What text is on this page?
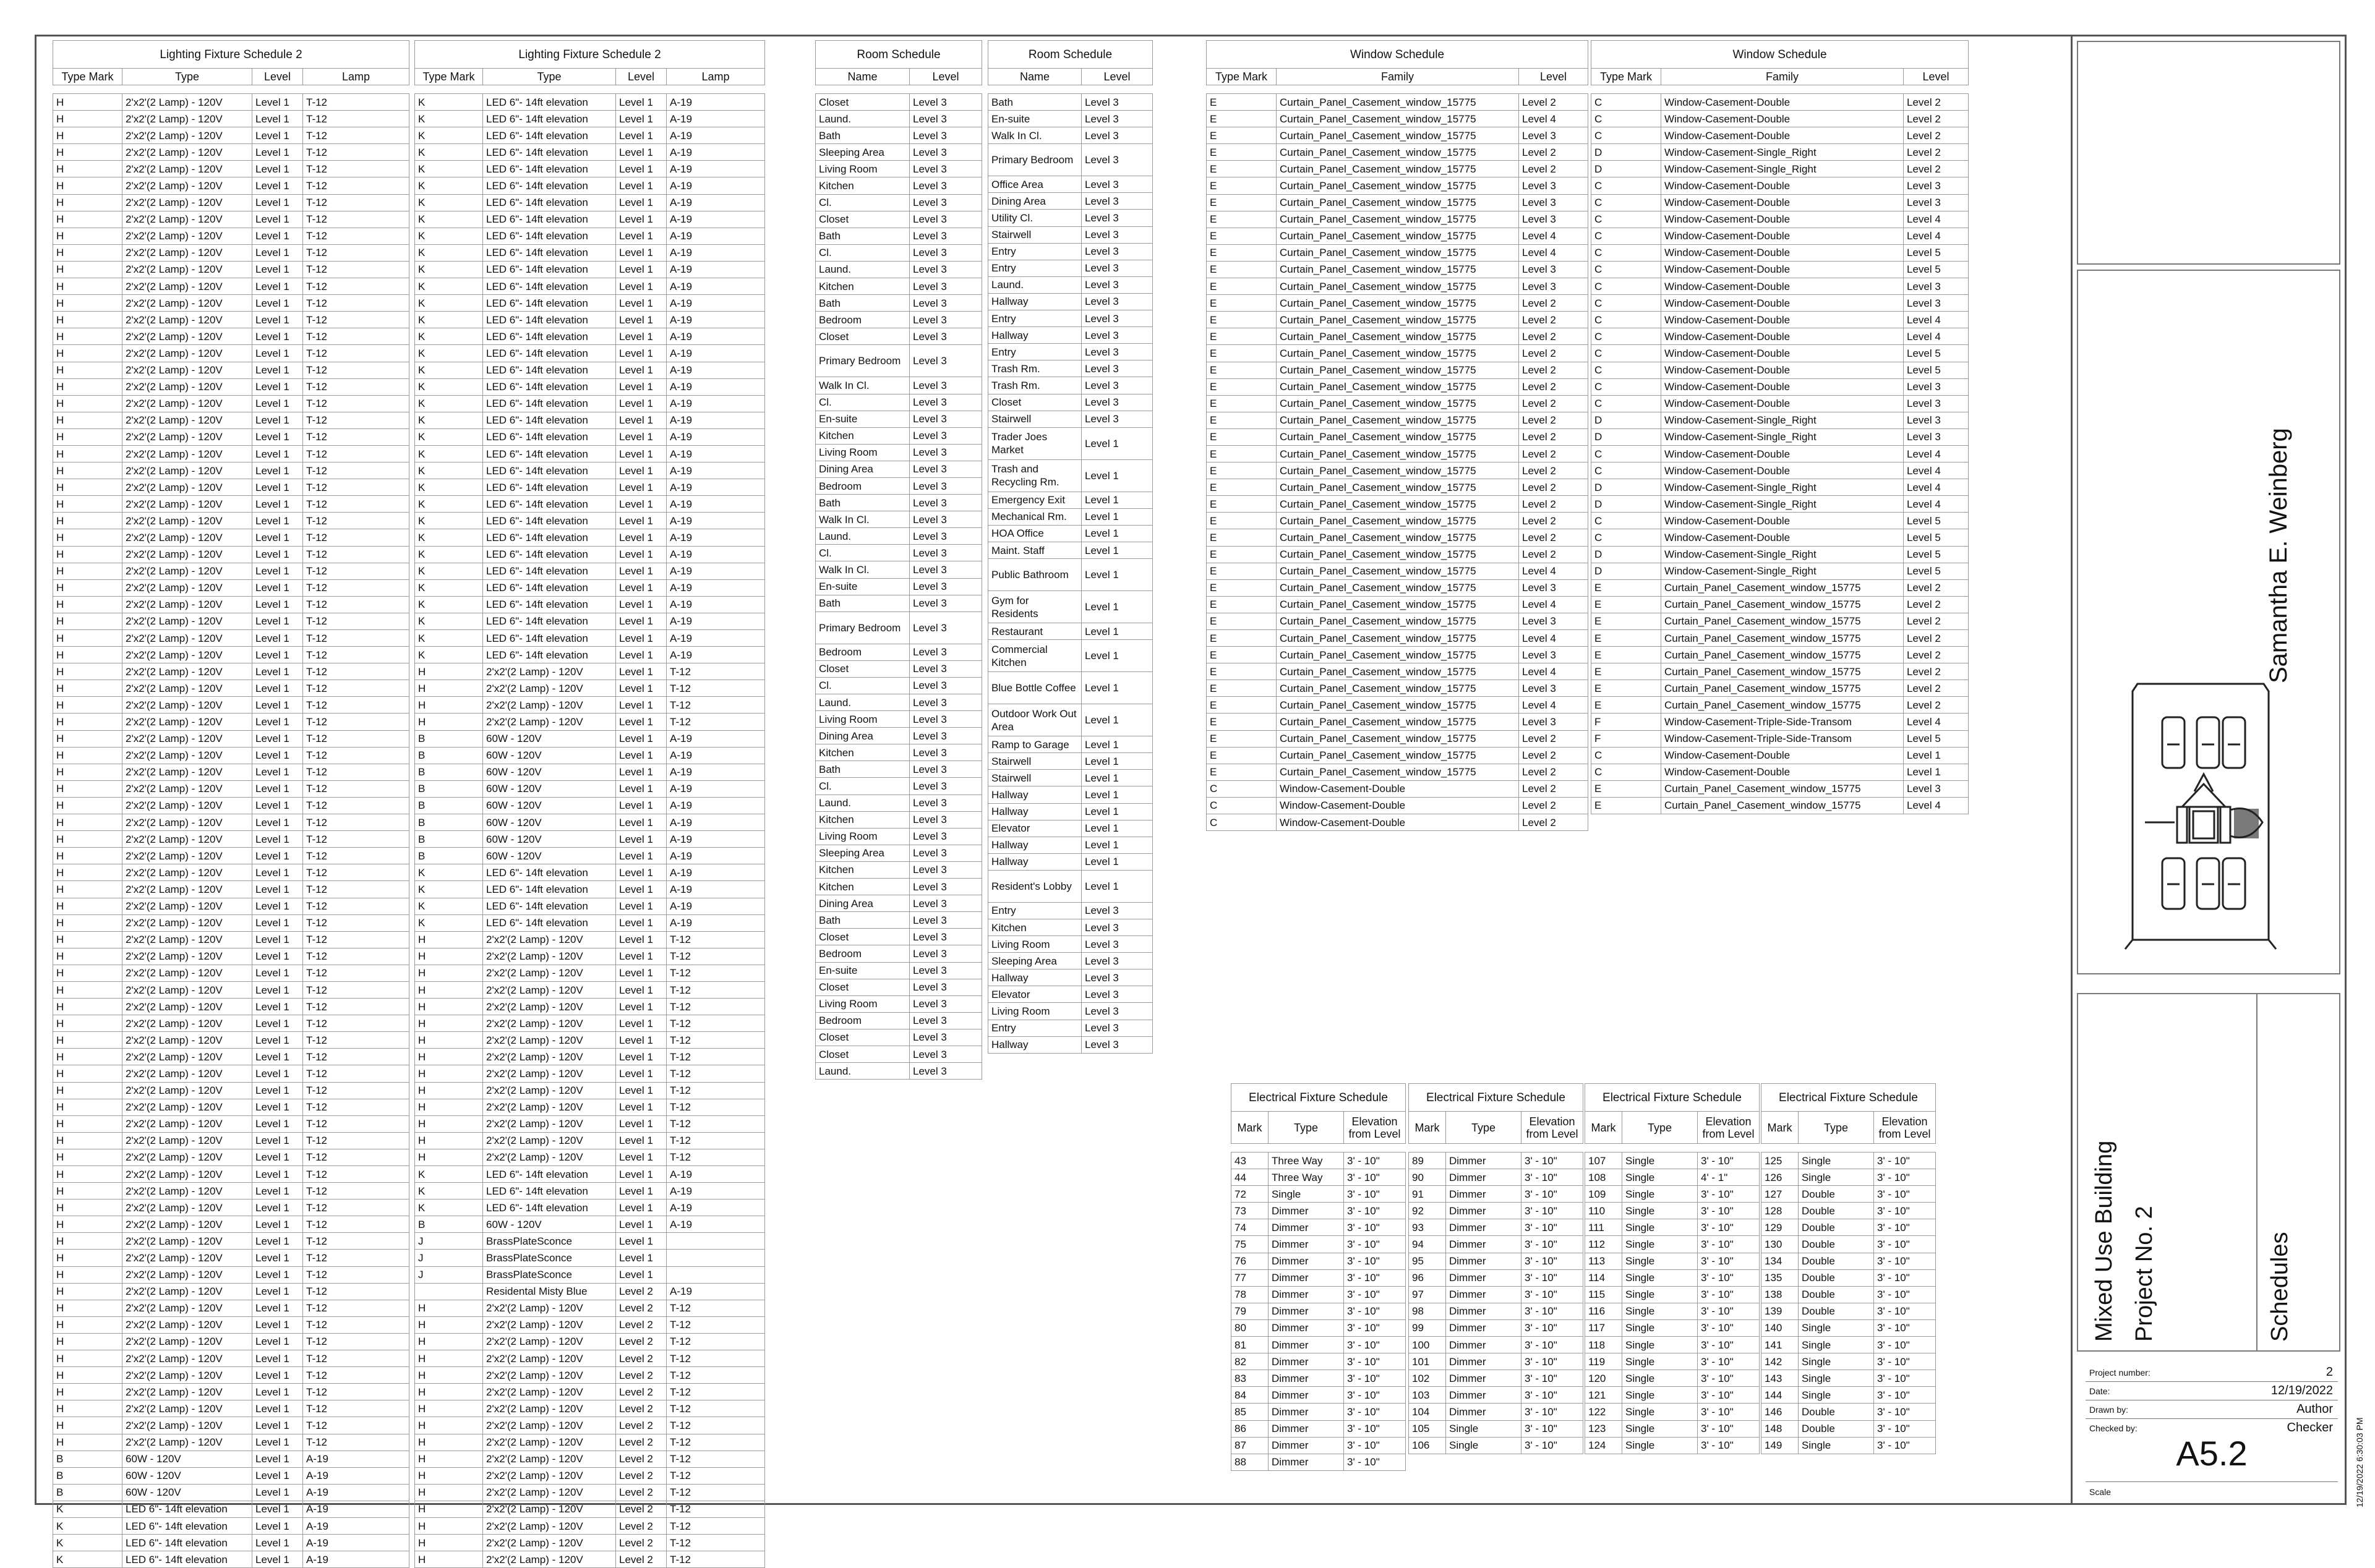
Lighting Fixture Schedule 2			
Type Mark	Type	Level	Lamp

H	2'x2'(2 Lamp) - 120V	Level 1	T-12
H	2'x2'(2 Lamp) - 120V	Level 1	T-12
H	2'x2'(2 Lamp) - 120V	Level 1	T-12
H	2'x2'(2 Lamp) - 120V	Level 1	T-12
H	2'x2'(2 Lamp) - 120V	Level 1	T-12
H	2'x2'(2 Lamp) - 120V	Level 1	T-12
H	2'x2'(2 Lamp) - 120V	Level 1	T-12
H	2'x2'(2 Lamp) - 120V	Level 1	T-12
H	2'x2'(2 Lamp) - 120V	Level 1	T-12
H	2'x2'(2 Lamp) - 120V	Level 1	T-12
H	2'x2'(2 Lamp) - 120V	Level 1	T-12
H	2'x2'(2 Lamp) - 120V	Level 1	T-12
H	2'x2'(2 Lamp) - 120V	Level 1	T-12
H	2'x2'(2 Lamp) - 120V	Level 1	T-12
H	2'x2'(2 Lamp) - 120V	Level 1	T-12
H	2'x2'(2 Lamp) - 120V	Level 1	T-12
H	2'x2'(2 Lamp) - 120V	Level 1	T-12
H	2'x2'(2 Lamp) - 120V	Level 1	T-12
H	2'x2'(2 Lamp) - 120V	Level 1	T-12
H	2'x2'(2 Lamp) - 120V	Level 1	T-12
H	2'x2'(2 Lamp) - 120V	Level 1	T-12
H	2'x2'(2 Lamp) - 120V	Level 1	T-12
H	2'x2'(2 Lamp) - 120V	Level 1	T-12
H	2'x2'(2 Lamp) - 120V	Level 1	T-12
H	2'x2'(2 Lamp) - 120V	Level 1	T-12
H	2'x2'(2 Lamp) - 120V	Level 1	T-12
H	2'x2'(2 Lamp) - 120V	Level 1	T-12
H	2'x2'(2 Lamp) - 120V	Level 1	T-12
H	2'x2'(2 Lamp) - 120V	Level 1	T-12
H	2'x2'(2 Lamp) - 120V	Level 1	T-12
H	2'x2'(2 Lamp) - 120V	Level 1	T-12
H	2'x2'(2 Lamp) - 120V	Level 1	T-12
H	2'x2'(2 Lamp) - 120V	Level 1	T-12
H	2'x2'(2 Lamp) - 120V	Level 1	T-12
H	2'x2'(2 Lamp) - 120V	Level 1	T-12
H	2'x2'(2 Lamp) - 120V	Level 1	T-12
H	2'x2'(2 Lamp) - 120V	Level 1	T-12
H	2'x2'(2 Lamp) - 120V	Level 1	T-12
H	2'x2'(2 Lamp) - 120V	Level 1	T-12
H	2'x2'(2 Lamp) - 120V	Level 1	T-12
H	2'x2'(2 Lamp) - 120V	Level 1	T-12
H	2'x2'(2 Lamp) - 120V	Level 1	T-12
H	2'x2'(2 Lamp) - 120V	Level 1	T-12
H	2'x2'(2 Lamp) - 120V	Level 1	T-12
H	2'x2'(2 Lamp) - 120V	Level 1	T-12
H	2'x2'(2 Lamp) - 120V	Level 1	T-12
H	2'x2'(2 Lamp) - 120V	Level 1	T-12
H	2'x2'(2 Lamp) - 120V	Level 1	T-12
H	2'x2'(2 Lamp) - 120V	Level 1	T-12
H	2'x2'(2 Lamp) - 120V	Level 1	T-12
H	2'x2'(2 Lamp) - 120V	Level 1	T-12
H	2'x2'(2 Lamp) - 120V	Level 1	T-12
H	2'x2'(2 Lamp) - 120V	Level 1	T-12
H	2'x2'(2 Lamp) - 120V	Level 1	T-12
H	2'x2'(2 Lamp) - 120V	Level 1	T-12
H	2'x2'(2 Lamp) - 120V	Level 1	T-12
H	2'x2'(2 Lamp) - 120V	Level 1	T-12
H	2'x2'(2 Lamp) - 120V	Level 1	T-12
H	2'x2'(2 Lamp) - 120V	Level 1	T-12
H	2'x2'(2 Lamp) - 120V	Level 1	T-12
H	2'x2'(2 Lamp) - 120V	Level 1	T-12
H	2'x2'(2 Lamp) - 120V	Level 1	T-12
H	2'x2'(2 Lamp) - 120V	Level 1	T-12
H	2'x2'(2 Lamp) - 120V	Level 1	T-12
H	2'x2'(2 Lamp) - 120V	Level 1	T-12
H	2'x2'(2 Lamp) - 120V	Level 1	T-12
H	2'x2'(2 Lamp) - 120V	Level 1	T-12
H	2'x2'(2 Lamp) - 120V	Level 1	T-12
H	2'x2'(2 Lamp) - 120V	Level 1	T-12
H	2'x2'(2 Lamp) - 120V	Level 1	T-12
H	2'x2'(2 Lamp) - 120V	Level 1	T-12
H	2'x2'(2 Lamp) - 120V	Level 1	T-12
H	2'x2'(2 Lamp) - 120V	Level 1	T-12
H	2'x2'(2 Lamp) - 120V	Level 1	T-12
H	2'x2'(2 Lamp) - 120V	Level 1	T-12
H	2'x2'(2 Lamp) - 120V	Level 1	T-12
H	2'x2'(2 Lamp) - 120V	Level 1	T-12
H	2'x2'(2 Lamp) - 120V	Level 1	T-12
H	2'x2'(2 Lamp) - 120V	Level 1	T-12
H	2'x2'(2 Lamp) - 120V	Level 1	T-12
H	2'x2'(2 Lamp) - 120V	Level 1	T-12
B	60W - 120V	Level 1	A-19
B	60W - 120V	Level 1	A-19
B	60W - 120V	Level 1	A-19
K	LED 6"- 14ft elevation	Level 1	A-19
K	LED 6"- 14ft elevation	Level 1	A-19
K	LED 6"- 14ft elevation	Level 1	A-19
K	LED 6"- 14ft elevation	Level 1	A-19
Lighting Fixture Schedule 2			
Type Mark	Type	Level	Lamp

K	LED 6"- 14ft elevation	Level 1	A-19
K	LED 6"- 14ft elevation	Level 1	A-19
K	LED 6"- 14ft elevation	Level 1	A-19
K	LED 6"- 14ft elevation	Level 1	A-19
K	LED 6"- 14ft elevation	Level 1	A-19
K	LED 6"- 14ft elevation	Level 1	A-19
K	LED 6"- 14ft elevation	Level 1	A-19
K	LED 6"- 14ft elevation	Level 1	A-19
K	LED 6"- 14ft elevation	Level 1	A-19
K	LED 6"- 14ft elevation	Level 1	A-19
K	LED 6"- 14ft elevation	Level 1	A-19
K	LED 6"- 14ft elevation	Level 1	A-19
K	LED 6"- 14ft elevation	Level 1	A-19
K	LED 6"- 14ft elevation	Level 1	A-19
K	LED 6"- 14ft elevation	Level 1	A-19
K	LED 6"- 14ft elevation	Level 1	A-19
K	LED 6"- 14ft elevation	Level 1	A-19
K	LED 6"- 14ft elevation	Level 1	A-19
K	LED 6"- 14ft elevation	Level 1	A-19
K	LED 6"- 14ft elevation	Level 1	A-19
K	LED 6"- 14ft elevation	Level 1	A-19
K	LED 6"- 14ft elevation	Level 1	A-19
K	LED 6"- 14ft elevation	Level 1	A-19
K	LED 6"- 14ft elevation	Level 1	A-19
K	LED 6"- 14ft elevation	Level 1	A-19
K	LED 6"- 14ft elevation	Level 1	A-19
K	LED 6"- 14ft elevation	Level 1	A-19
K	LED 6"- 14ft elevation	Level 1	A-19
K	LED 6"- 14ft elevation	Level 1	A-19
K	LED 6"- 14ft elevation	Level 1	A-19
K	LED 6"- 14ft elevation	Level 1	A-19
K	LED 6"- 14ft elevation	Level 1	A-19
K	LED 6"- 14ft elevation	Level 1	A-19
K	LED 6"- 14ft elevation	Level 1	A-19
H	2'x2'(2 Lamp) - 120V	Level 1	T-12
H	2'x2'(2 Lamp) - 120V	Level 1	T-12
H	2'x2'(2 Lamp) - 120V	Level 1	T-12
H	2'x2'(2 Lamp) - 120V	Level 1	T-12
B	60W - 120V	Level 1	A-19
B	60W - 120V	Level 1	A-19
B	60W - 120V	Level 1	A-19
B	60W - 120V	Level 1	A-19
B	60W - 120V	Level 1	A-19
B	60W - 120V	Level 1	A-19
B	60W - 120V	Level 1	A-19
B	60W - 120V	Level 1	A-19
K	LED 6"- 14ft elevation	Level 1	A-19
K	LED 6"- 14ft elevation	Level 1	A-19
K	LED 6"- 14ft elevation	Level 1	A-19
K	LED 6"- 14ft elevation	Level 1	A-19
H	2'x2'(2 Lamp) - 120V	Level 1	T-12
H	2'x2'(2 Lamp) - 120V	Level 1	T-12
H	2'x2'(2 Lamp) - 120V	Level 1	T-12
H	2'x2'(2 Lamp) - 120V	Level 1	T-12
H	2'x2'(2 Lamp) - 120V	Level 1	T-12
H	2'x2'(2 Lamp) - 120V	Level 1	T-12
H	2'x2'(2 Lamp) - 120V	Level 1	T-12
H	2'x2'(2 Lamp) - 120V	Level 1	T-12
H	2'x2'(2 Lamp) - 120V	Level 1	T-12
H	2'x2'(2 Lamp) - 120V	Level 1	T-12
H	2'x2'(2 Lamp) - 120V	Level 1	T-12
H	2'x2'(2 Lamp) - 120V	Level 1	T-12
H	2'x2'(2 Lamp) - 120V	Level 1	T-12
H	2'x2'(2 Lamp) - 120V	Level 1	T-12
K	LED 6"- 14ft elevation	Level 1	A-19
K	LED 6"- 14ft elevation	Level 1	A-19
K	LED 6"- 14ft elevation	Level 1	A-19
B	60W - 120V	Level 1	A-19
J	BrassPlateSconce	Level 1	
J	BrassPlateSconce	Level 1	
J	BrassPlateSconce	Level 1	
	Residental Misty Blue	Level 2	A-19
H	2'x2'(2 Lamp) - 120V	Level 2	T-12
H	2'x2'(2 Lamp) - 120V	Level 2	T-12
H	2'x2'(2 Lamp) - 120V	Level 2	T-12
H	2'x2'(2 Lamp) - 120V	Level 2	T-12
H	2'x2'(2 Lamp) - 120V	Level 2	T-12
H	2'x2'(2 Lamp) - 120V	Level 2	T-12
H	2'x2'(2 Lamp) - 120V	Level 2	T-12
H	2'x2'(2 Lamp) - 120V	Level 2	T-12
H	2'x2'(2 Lamp) - 120V	Level 2	T-12
H	2'x2'(2 Lamp) - 120V	Level 2	T-12
H	2'x2'(2 Lamp) - 120V	Level 2	T-12
H	2'x2'(2 Lamp) - 120V	Level 2	T-12
H	2'x2'(2 Lamp) - 120V	Level 2	T-12
H	2'x2'(2 Lamp) - 120V	Level 2	T-12
H	2'x2'(2 Lamp) - 120V	Level 2	T-12
H	2'x2'(2 Lamp) - 120V	Level 2	T-12
Room Schedule	
Name	Level

Closet	Level 3
Laund.	Level 3
Bath	Level 3
Sleeping Area	Level 3
Living Room	Level 3
Kitchen	Level 3
Cl.	Level 3
Closet	Level 3
Bath	Level 3
Cl.	Level 3
Laund.	Level 3
Kitchen	Level 3
Bath	Level 3
Bedroom	Level 3
Closet	Level 3
Primary Bedroom	Level 3
Walk In Cl.	Level 3
Cl.	Level 3
En-suite	Level 3
Kitchen	Level 3
Living Room	Level 3
Dining Area	Level 3
Bedroom	Level 3
Bath	Level 3
Walk In Cl.	Level 3
Laund.	Level 3
Cl.	Level 3
Walk In Cl.	Level 3
En-suite	Level 3
Bath	Level 3
Primary Bedroom	Level 3
Bedroom	Level 3
Closet	Level 3
Cl.	Level 3
Laund.	Level 3
Living Room	Level 3
Dining Area	Level 3
Kitchen	Level 3
Bath	Level 3
Cl.	Level 3
Laund.	Level 3
Kitchen	Level 3
Living Room	Level 3
Sleeping Area	Level 3
Kitchen	Level 3
Kitchen	Level 3
Dining Area	Level 3
Bath	Level 3
Closet	Level 3
Bedroom	Level 3
En-suite	Level 3
Closet	Level 3
Living Room	Level 3
Bedroom	Level 3
Closet	Level 3
Closet	Level 3
Laund.	Level 3
Room Schedule	
Name	Level

Bath	Level 3
En-suite	Level 3
Walk In Cl.	Level 3
Primary Bedroom	Level 3
Office Area	Level 3
Dining Area	Level 3
Utility Cl.	Level 3
Stairwell	Level 3
Entry	Level 3
Entry	Level 3
Laund.	Level 3
Hallway	Level 3
Entry	Level 3
Hallway	Level 3
Entry	Level 3
Trash Rm.	Level 3
Trash Rm.	Level 3
Closet	Level 3
Stairwell	Level 3
Trader Joes Market	Level 1
Trash and Recycling Rm.	Level 1
Emergency Exit	Level 1
Mechanical Rm.	Level 1
HOA Office	Level 1
Maint. Staff	Level 1
Public Bathroom	Level 1
Gym for Residents	Level 1
Restaurant	Level 1
Commercial Kitchen	Level 1
Blue Bottle Coffee	Level 1
Outdoor Work Out Area	Level 1
Ramp to Garage	Level 1
Stairwell	Level 1
Stairwell	Level 1
Hallway	Level 1
Hallway	Level 1
Elevator	Level 1
Hallway	Level 1
Hallway	Level 1
Resident's Lobby	Level 1
Entry	Level 3
Kitchen	Level 3
Living Room	Level 3
Sleeping Area	Level 3
Hallway	Level 3
Elevator	Level 3
Living Room	Level 3
Entry	Level 3
Hallway	Level 3
Window Schedule		
Type Mark	Family	Level

E	Curtain_Panel_Casement_window_15775	Level 2
E	Curtain_Panel_Casement_window_15775	Level 4
E	Curtain_Panel_Casement_window_15775	Level 3
E	Curtain_Panel_Casement_window_15775	Level 2
E	Curtain_Panel_Casement_window_15775	Level 2
E	Curtain_Panel_Casement_window_15775	Level 3
E	Curtain_Panel_Casement_window_15775	Level 3
E	Curtain_Panel_Casement_window_15775	Level 3
E	Curtain_Panel_Casement_window_15775	Level 4
E	Curtain_Panel_Casement_window_15775	Level 4
E	Curtain_Panel_Casement_window_15775	Level 3
E	Curtain_Panel_Casement_window_15775	Level 3
E	Curtain_Panel_Casement_window_15775	Level 2
E	Curtain_Panel_Casement_window_15775	Level 2
E	Curtain_Panel_Casement_window_15775	Level 2
E	Curtain_Panel_Casement_window_15775	Level 2
E	Curtain_Panel_Casement_window_15775	Level 2
E	Curtain_Panel_Casement_window_15775	Level 2
E	Curtain_Panel_Casement_window_15775	Level 2
E	Curtain_Panel_Casement_window_15775	Level 2
E	Curtain_Panel_Casement_window_15775	Level 2
E	Curtain_Panel_Casement_window_15775	Level 2
E	Curtain_Panel_Casement_window_15775	Level 2
E	Curtain_Panel_Casement_window_15775	Level 2
E	Curtain_Panel_Casement_window_15775	Level 2
E	Curtain_Panel_Casement_window_15775	Level 2
E	Curtain_Panel_Casement_window_15775	Level 2
E	Curtain_Panel_Casement_window_15775	Level 2
E	Curtain_Panel_Casement_window_15775	Level 4
E	Curtain_Panel_Casement_window_15775	Level 3
E	Curtain_Panel_Casement_window_15775	Level 4
E	Curtain_Panel_Casement_window_15775	Level 3
E	Curtain_Panel_Casement_window_15775	Level 4
E	Curtain_Panel_Casement_window_15775	Level 3
E	Curtain_Panel_Casement_window_15775	Level 4
E	Curtain_Panel_Casement_window_15775	Level 3
E	Curtain_Panel_Casement_window_15775	Level 4
E	Curtain_Panel_Casement_window_15775	Level 3
E	Curtain_Panel_Casement_window_15775	Level 2
E	Curtain_Panel_Casement_window_15775	Level 2
E	Curtain_Panel_Casement_window_15775	Level 2
C	Window-Casement-Double	Level 2
C	Window-Casement-Double	Level 2
C	Window-Casement-Double	Level 2
Window Schedule		
Type Mark	Family	Level

C	Window-Casement-Double	Level 2
C	Window-Casement-Double	Level 2
C	Window-Casement-Double	Level 2
D	Window-Casement-Single_Right	Level 2
D	Window-Casement-Single_Right	Level 2
C	Window-Casement-Double	Level 3
C	Window-Casement-Double	Level 3
C	Window-Casement-Double	Level 4
C	Window-Casement-Double	Level 4
C	Window-Casement-Double	Level 5
C	Window-Casement-Double	Level 5
C	Window-Casement-Double	Level 3
C	Window-Casement-Double	Level 3
C	Window-Casement-Double	Level 4
C	Window-Casement-Double	Level 4
C	Window-Casement-Double	Level 5
C	Window-Casement-Double	Level 5
C	Window-Casement-Double	Level 3
C	Window-Casement-Double	Level 3
D	Window-Casement-Single_Right	Level 3
D	Window-Casement-Single_Right	Level 3
C	Window-Casement-Double	Level 4
C	Window-Casement-Double	Level 4
D	Window-Casement-Single_Right	Level 4
D	Window-Casement-Single_Right	Level 4
C	Window-Casement-Double	Level 5
C	Window-Casement-Double	Level 5
D	Window-Casement-Single_Right	Level 5
D	Window-Casement-Single_Right	Level 5
E	Curtain_Panel_Casement_window_15775	Level 2
E	Curtain_Panel_Casement_window_15775	Level 2
E	Curtain_Panel_Casement_window_15775	Level 2
E	Curtain_Panel_Casement_window_15775	Level 2
E	Curtain_Panel_Casement_window_15775	Level 2
E	Curtain_Panel_Casement_window_15775	Level 2
E	Curtain_Panel_Casement_window_15775	Level 2
E	Curtain_Panel_Casement_window_15775	Level 2
F	Window-Casement-Triple-Side-Transom	Level 4
F	Window-Casement-Triple-Side-Transom	Level 5
C	Window-Casement-Double	Level 1
C	Window-Casement-Double	Level 1
E	Curtain_Panel_Casement_window_15775	Level 3
E	Curtain_Panel_Casement_window_15775	Level 4
Electrical Fixture Schedule		
Mark	Type	Elevation from Level

43	Three Way	3' - 10"
44	Three Way	3' - 10"
72	Single	3' - 10"
73	Dimmer	3' - 10"
74	Dimmer	3' - 10"
75	Dimmer	3' - 10"
76	Dimmer	3' - 10"
77	Dimmer	3' - 10"
78	Dimmer	3' - 10"
79	Dimmer	3' - 10"
80	Dimmer	3' - 10"
81	Dimmer	3' - 10"
82	Dimmer	3' - 10"
83	Dimmer	3' - 10"
84	Dimmer	3' - 10"
85	Dimmer	3' - 10"
86	Dimmer	3' - 10"
87	Dimmer	3' - 10"
88	Dimmer	3' - 10"
Electrical Fixture Schedule		
Mark	Type	Elevation from Level

89	Dimmer	3' - 10"
90	Dimmer	3' - 10"
91	Dimmer	3' - 10"
92	Dimmer	3' - 10"
93	Dimmer	3' - 10"
94	Dimmer	3' - 10"
95	Dimmer	3' - 10"
96	Dimmer	3' - 10"
97	Dimmer	3' - 10"
98	Dimmer	3' - 10"
99	Dimmer	3' - 10"
100	Dimmer	3' - 10"
101	Dimmer	3' - 10"
102	Dimmer	3' - 10"
103	Dimmer	3' - 10"
104	Dimmer	3' - 10"
105	Single	3' - 10"
106	Single	3' - 10"
Electrical Fixture Schedule		
Mark	Type	Elevation from Level

107	Single	3' - 10"
108	Single	4' - 1"
109	Single	3' - 10"
110	Single	3' - 10"
111	Single	3' - 10"
112	Single	3' - 10"
113	Single	3' - 10"
114	Single	3' - 10"
115	Single	3' - 10"
116	Single	3' - 10"
117	Single	3' - 10"
118	Single	3' - 10"
119	Single	3' - 10"
120	Single	3' - 10"
121	Single	3' - 10"
122	Single	3' - 10"
123	Single	3' - 10"
124	Single	3' - 10"
Electrical Fixture Schedule		
Mark	Type	Elevation from Level

125	Single	3' - 10"
126	Single	3' - 10"
127	Double	3' - 10"
128	Double	3' - 10"
129	Double	3' - 10"
130	Double	3' - 10"
134	Double	3' - 10"
135	Double	3' - 10"
138	Double	3' - 10"
139	Double	3' - 10"
140	Single	3' - 10"
141	Single	3' - 10"
142	Single	3' - 10"
143	Single	3' - 10"
144	Single	3' - 10"
146	Double	3' - 10"
148	Double	3' - 10"
149	Single	3' - 10"
Samantha E. Weinberg
Mixed Use Building Project No. 2	Schedules
Project number:	2
Date:	12/19/2022
Drawn by:	Author
Checked by:	Checker
A5.2
Scale	12/19/2022 6:30:03 PM
